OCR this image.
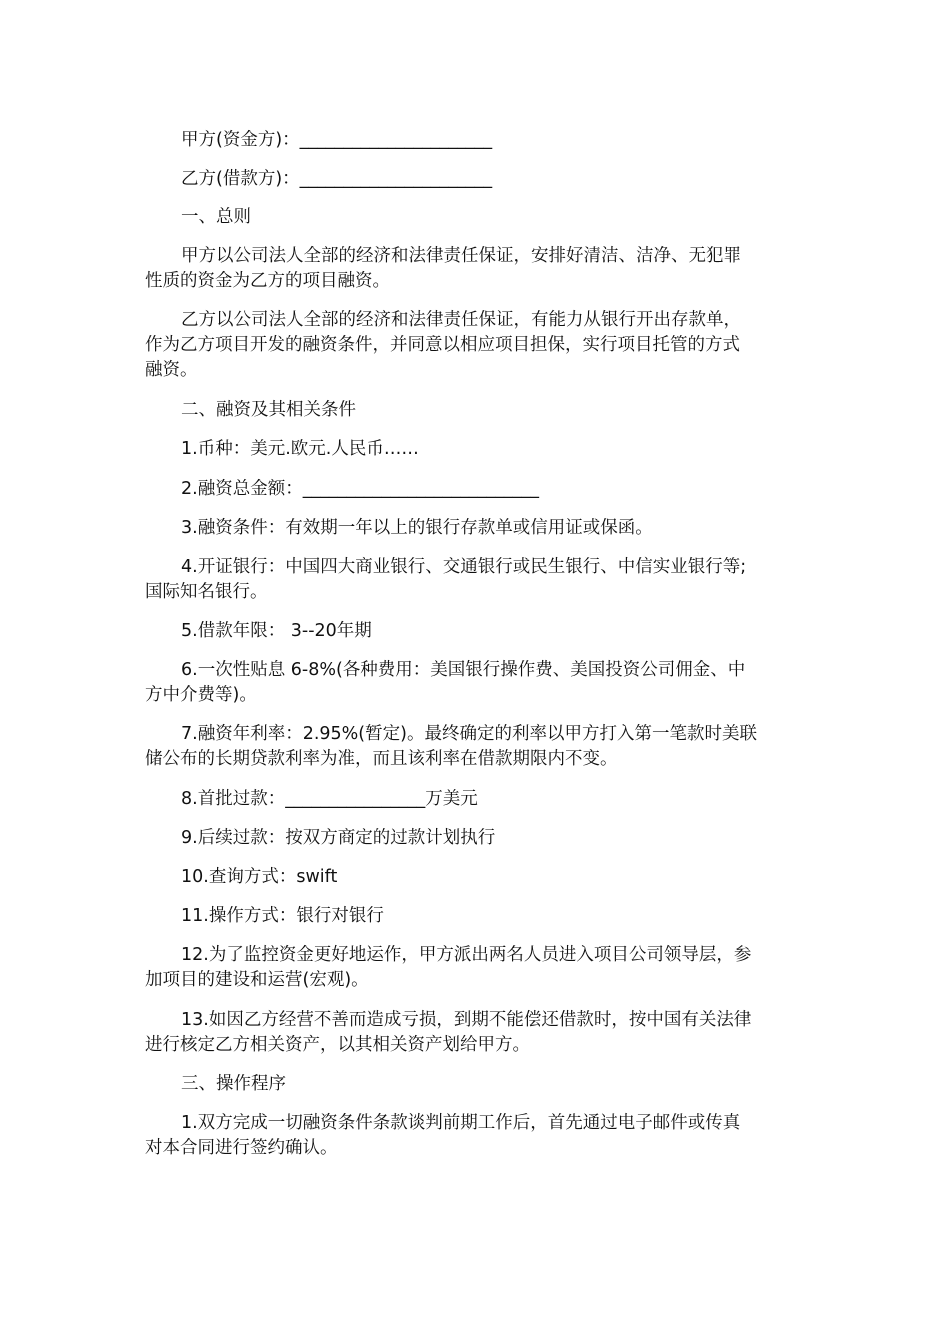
甲方(资金方)：______________________

乙方(借款方)：______________________

一、总则

甲方以公司法人全部的经济和法律责任保证，安排好清洁、洁净、无犯罪
性质的资金为乙方的项目融资。

乙方以公司法人全部的经济和法律责任保证，有能力从银行开出存款单，
作为乙方项目开发的融资条件，并同意以相应项目担保，实行项目托管的方式
融资。

二、融资及其相关条件

1.币种：美元.欧元.人民币……

2.融资总金额：___________________________

3.融资条件：有效期一年以上的银行存款单或信用证或保函。

4.开证银行：中国四大商业银行、交通银行或民生银行、中信实业银行等;
国际知名银行。

5.借款年限： 3--20年期

6.一次性贴息 6-8%(各种费用：美国银行操作费、美国投资公司佣金、中
方中介费等)。

7.融资年利率：2.95%(暂定)。最终确定的利率以甲方打入第一笔款时美联
储公布的长期贷款利率为准，而且该利率在借款期限内不变。

8.首批过款：________________万美元

9.后续过款：按双方商定的过款计划执行

10.查询方式：swift

11.操作方式：银行对银行

12.为了监控资金更好地运作，甲方派出两名人员进入项目公司领导层，参
加项目的建设和运营(宏观)。

13.如因乙方经营不善而造成亏损，到期不能偿还借款时，按中国有关法律
进行核定乙方相关资产，以其相关资产划给甲方。

三、操作程序

1.双方完成一切融资条件条款谈判前期工作后，首先通过电子邮件或传真
对本合同进行签约确认。
